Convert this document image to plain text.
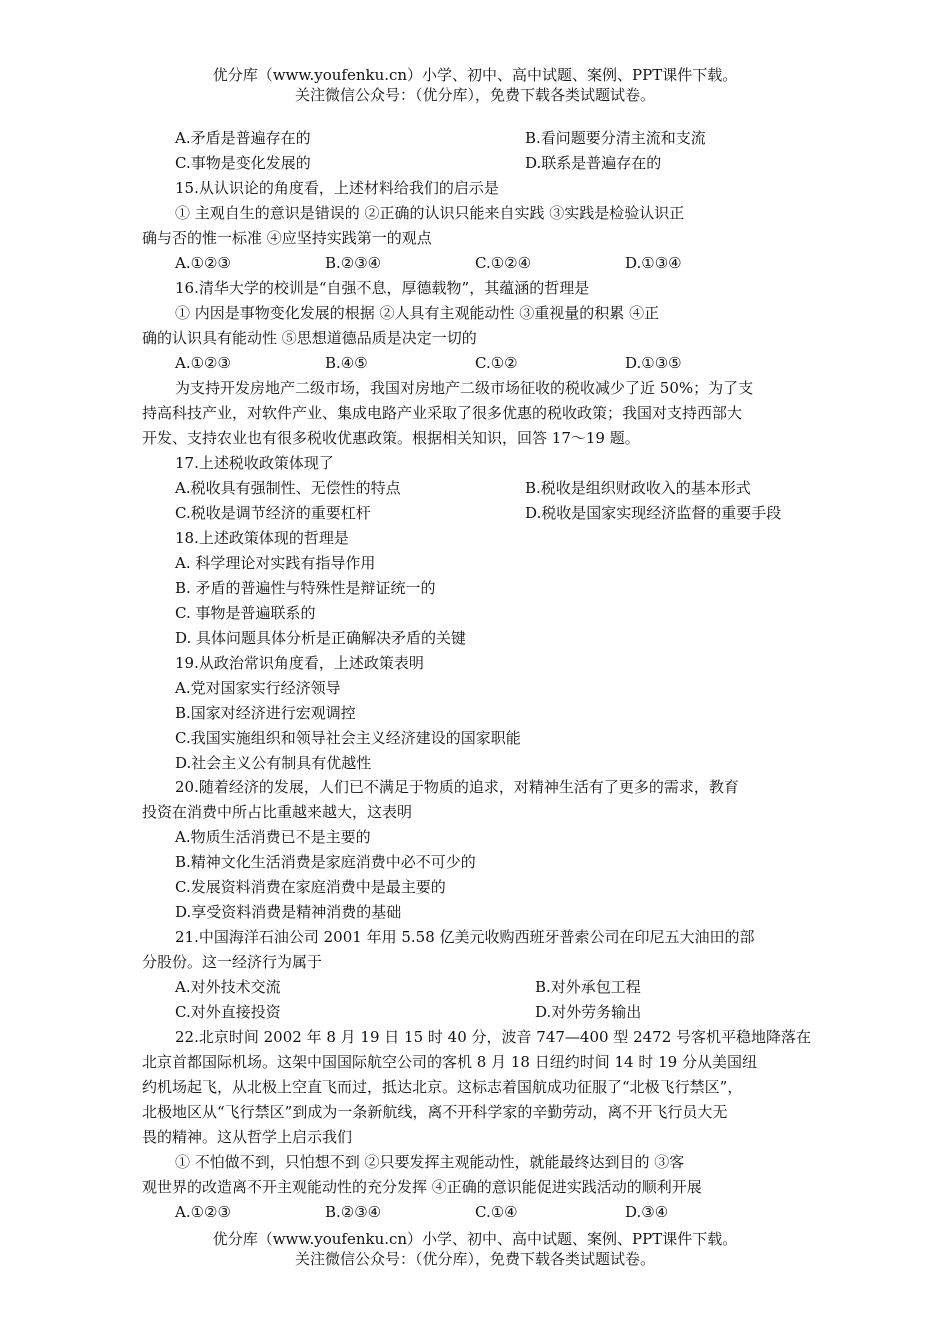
优分库（www.youfenku.cn）小学、初中、高中试题、案例、PPT课件下载。
关注微信公众号：（优分库），免费下载各类试题试卷。
A.矛盾是普遍存在的	B.看问题要分清主流和支流
C.事物是变化发展的	D.联系是普遍存在的
15.从认识论的角度看，上述材料给我们的启示是
① 主观自生的意识是错误的 ②正确的认识只能来自实践 ③实践是检验认识正
确与否的惟一标准 ④应坚持实践第一的观点
A.①②③	B.②③④	C.①②④	D.①③④
16.清华大学的校训是“自强不息，厚德载物”，其蕴涵的哲理是
① 内因是事物变化发展的根据 ②人具有主观能动性 ③重视量的积累 ④正
确的认识具有能动性 ⑤思想道德品质是决定一切的
A.①②③	B.④⑤	C.①②	D.①③⑤
为支持开发房地产二级市场，我国对房地产二级市场征收的税收减少了近 50%；为了支
持高科技产业，对软件产业、集成电路产业采取了很多优惠的税收政策；我国对支持西部大
开发、支持农业也有很多税收优惠政策。根据相关知识，回答 17～19 题。
17.上述税收政策体现了
A.税收具有强制性、无偿性的特点	B.税收是组织财政收入的基本形式
C.税收是调节经济的重要杠杆	D.税收是国家实现经济监督的重要手段
18.上述政策体现的哲理是
A. 科学理论对实践有指导作用
B. 矛盾的普遍性与特殊性是辩证统一的
C. 事物是普遍联系的
D. 具体问题具体分析是正确解决矛盾的关键
19.从政治常识角度看，上述政策表明
A.党对国家实行经济领导
B.国家对经济进行宏观调控
C.我国实施组织和领导社会主义经济建设的国家职能
D.社会主义公有制具有优越性
20.随着经济的发展，人们已不满足于物质的追求，对精神生活有了更多的需求，教育
投资在消费中所占比重越来越大，这表明
A.物质生活消费已不是主要的
B.精神文化生活消费是家庭消费中必不可少的
C.发展资料消费在家庭消费中是最主要的
D.享受资料消费是精神消费的基础
21.中国海洋石油公司 2001 年用 5.58 亿美元收购西班牙普索公司在印尼五大油田的部
分股份。这一经济行为属于
A.对外技术交流	B.对外承包工程
C.对外直接投资	D.对外劳务输出
22.北京时间 2002 年 8 月 19 日 15 时 40 分，波音 747—400 型 2472 号客机平稳地降落在
北京首都国际机场。这架中国国际航空公司的客机 8 月 18 日纽约时间 14 时 19 分从美国纽
约机场起飞，从北极上空直飞而过，抵达北京。这标志着国航成功征服了“北极飞行禁区”，
北极地区从“飞行禁区”到成为一条新航线，离不开科学家的辛勤劳动，离不开飞行员大无
畏的精神。这从哲学上启示我们
① 不怕做不到，只怕想不到 ②只要发挥主观能动性，就能最终达到目的 ③客
观世界的改造离不开主观能动性的充分发挥 ④正确的意识能促进实践活动的顺利开展
A.①②③	B.②③④	C.①④	D.③④
优分库（www.youfenku.cn）小学、初中、高中试题、案例、PPT课件下载。
关注微信公众号：（优分库），免费下载各类试题试卷。
